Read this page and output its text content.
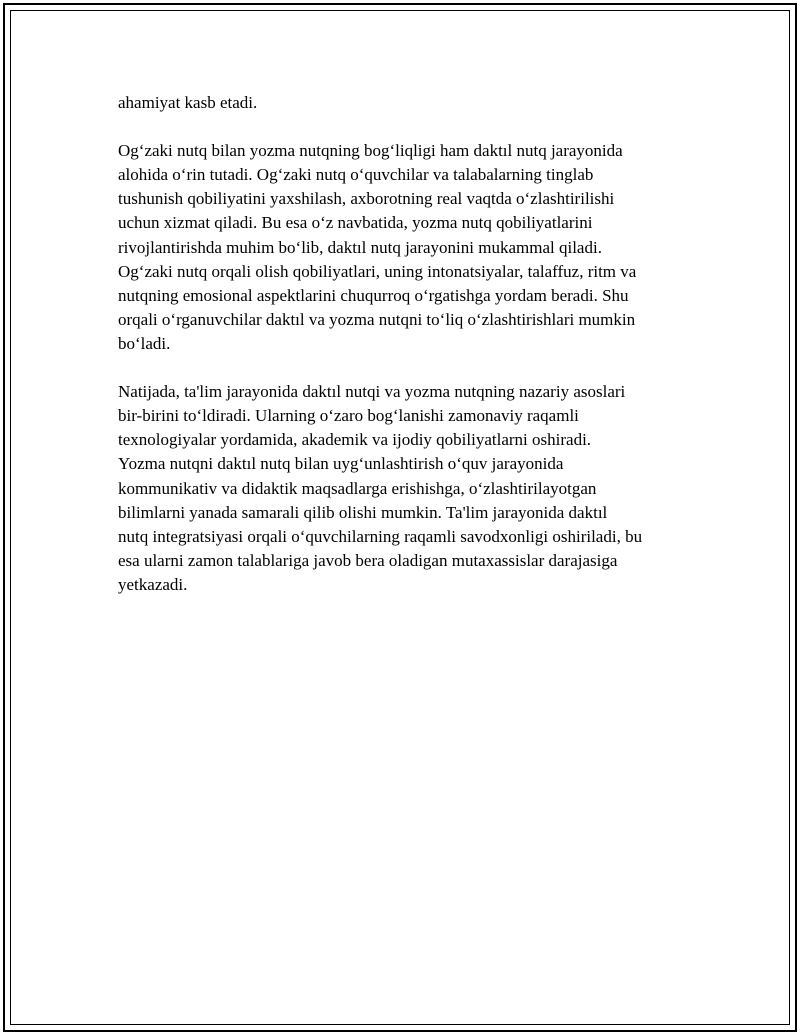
ahamiyat kasb etadi.
Og‘zaki nutq bilan yozma nutqning bog‘liqligi ham daktıl nutq jarayonida
alohida o‘rin tutadi. Og‘zaki nutq o‘quvchilar va talabalarning tinglab
tushunish qobiliyatini yaxshilash, axborotning real vaqtda o‘zlashtirilishi
uchun xizmat qiladi. Bu esa o‘z navbatida, yozma nutq qobiliyatlarini
rivojlantirishda muhim bo‘lib, daktıl nutq jarayonini mukammal qiladi.
Og‘zaki nutq orqali olish qobiliyatlari, uning intonatsiyalar, talaffuz, ritm va
nutqning emosional aspektlarini chuqurroq o‘rgatishga yordam beradi. Shu
orqali o‘rganuvchilar daktıl va yozma nutqni to‘liq o‘zlashtirishlari mumkin
bo‘ladi.
Natijada, ta'lim jarayonida daktıl nutqi va yozma nutqning nazariy asoslari
bir-birini to‘ldiradi. Ularning o‘zaro bog‘lanishi zamonaviy raqamli
texnologiyalar yordamida, akademik va ijodiy qobiliyatlarni oshiradi.
Yozma nutqni daktıl nutq bilan uyg‘unlashtirish o‘quv jarayonida
kommunikativ va didaktik maqsadlarga erishishga, o‘zlashtirilayotgan
bilimlarni yanada samarali qilib olishi mumkin. Ta'lim jarayonida daktıl
nutq integratsiyasi orqali o‘quvchilarning raqamli savodxonligi oshiriladi, bu
esa ularni zamon talablariga javob bera oladigan mutaxassislar darajasiga
yetkazadi.
